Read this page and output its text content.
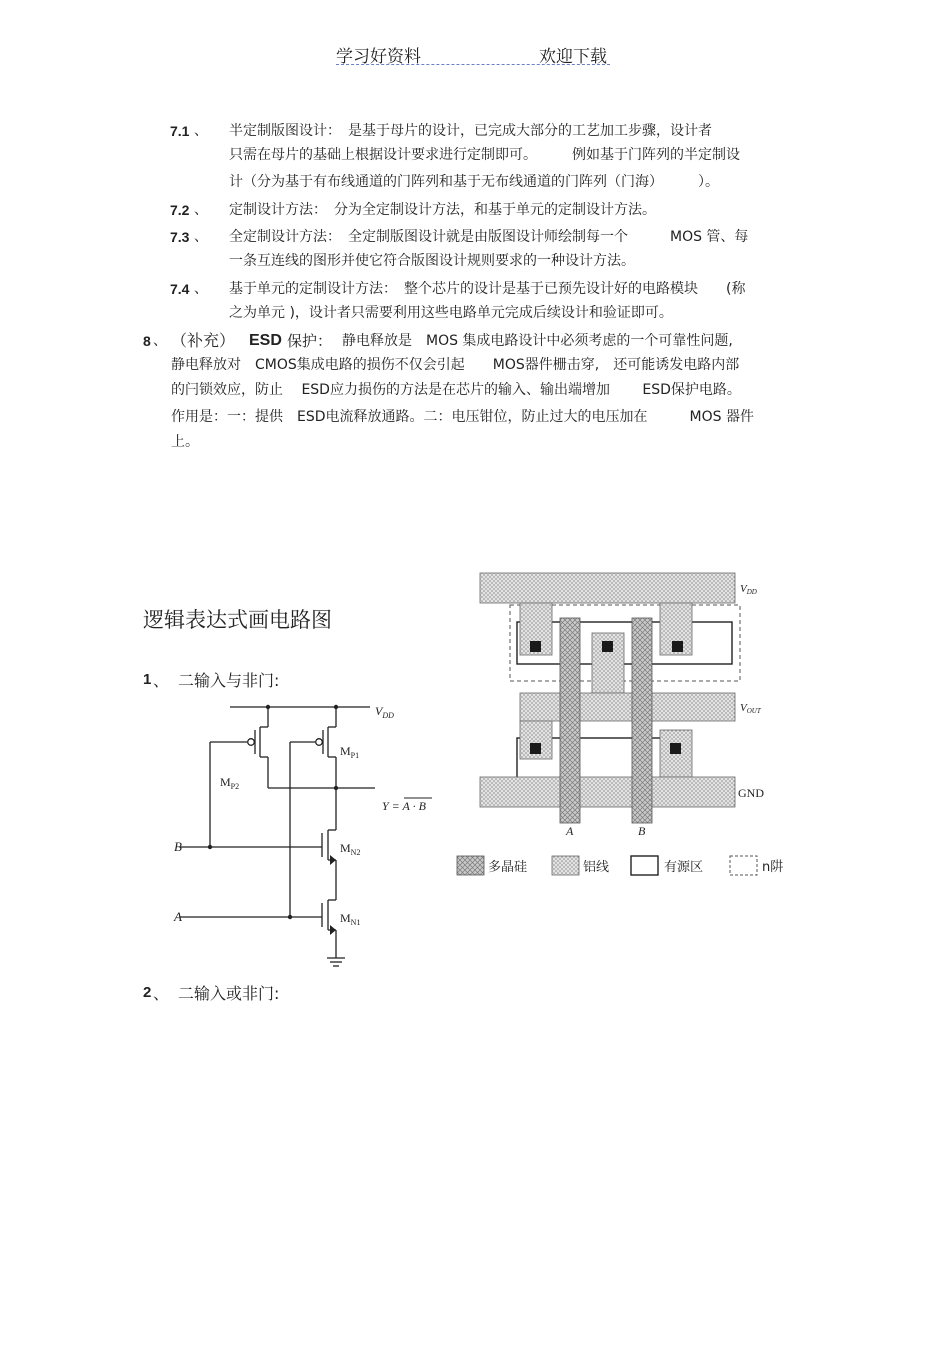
学习好资料	欢迎下载
7.1 、 半定制版图设计：　是基于母片的设计，已完成大部分的工艺加工步骤，设计者
只需在母片的基础上根据设计要求进行定制即可。　　　例如基于门阵列的半定制设
计（分为基于有布线通道的门阵列和基于无布线通道的门阵列（门海）　　　）。
7.2 、 定制设计方法：　分为全定制设计方法，和基于单元的定制设计方法。
7.3 、 全定制设计方法：　全定制版图设计就是由版图设计师绘制每一个　　　MOS 管、每
一条互连线的图形并使它符合版图设计规则要求的一种设计方法。
7.4 、 基于单元的定制设计方法：　整个芯片的设计是基于已预先设计好的电路模块　　(称
之为单元 )，设计者只需要利用这些电路单元完成后续设计和验证即可。
8 、 （补充） ESD 保护： 静电释放是　MOS 集成电路设计中必须考虑的一个可靠性问题,
静电释放对　CMOS集成电路的损伤不仅会引起　　MOS器件栅击穿,　还可能诱发电路内部
的闩锁效应，防止　 ESD应力损伤的方法是在芯片的输入、输出端增加　　 ESD保护电路。
作用是：一：提供　ESD电流释放通路。二：电压钳位，防止过大的电压加在　　　MOS 器件
上。
逻辑表达式画电路图
1 、 二输入与非门:
2 、 二输入或非门:
$V_{DD}$
$M_{P1}$
$M_{P2}$
$M_{N2}$
$M_{N1}$
Y = A · B
B
A
VDD
VOUT
GND
A	B
多晶硅	铝线	有源区	n阱
